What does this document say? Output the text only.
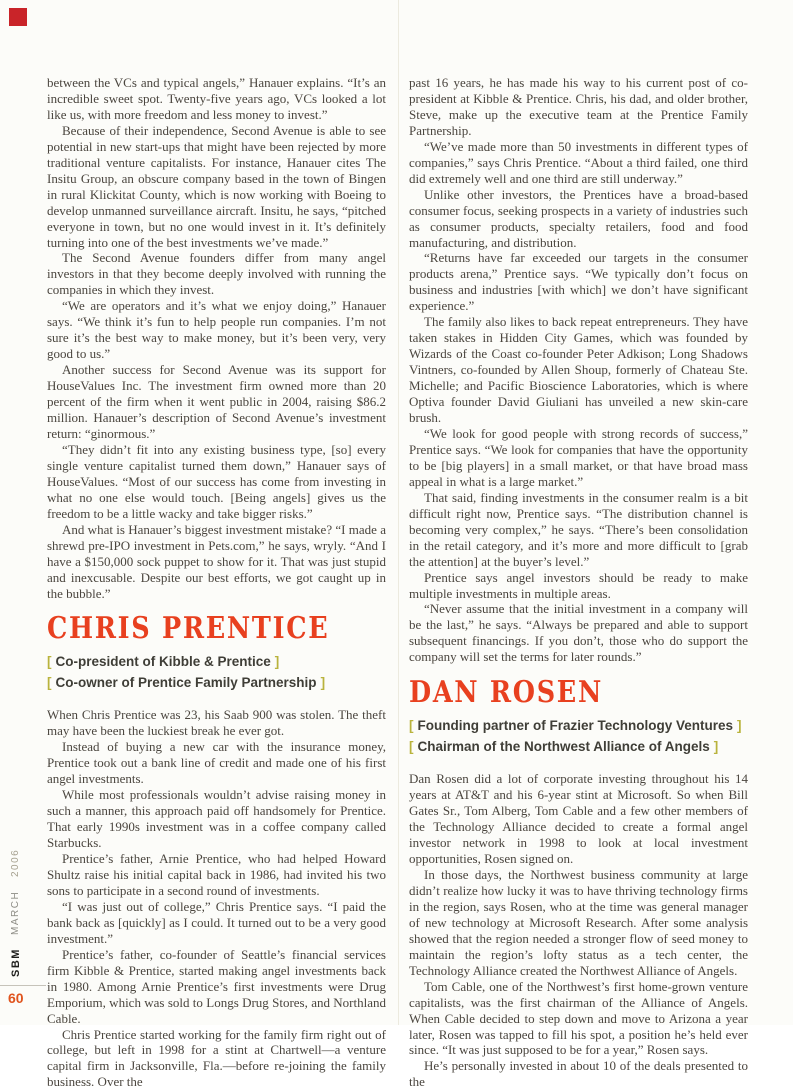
between the VCs and typical angels,” Hanauer explains. “It’s an incredible sweet spot. Twenty-five years ago, VCs looked a lot like us, with more freedom and less money to invest.”

Because of their independence, Second Avenue is able to see potential in new start-ups that might have been rejected by more traditional venture capitalists. For instance, Hanauer cites The Insitu Group, an obscure company based in the town of Bingen in rural Klickitat County, which is now working with Boeing to develop unmanned surveillance aircraft. Insitu, he says, “pitched everyone in town, but no one would invest in it. It’s definitely turning into one of the best investments we’ve made.”

The Second Avenue founders differ from many angel investors in that they become deeply involved with running the companies in which they invest.

“We are operators and it’s what we enjoy doing,” Hanauer says. “We think it’s fun to help people run companies. I’m not sure it’s the best way to make money, but it’s been very, very good to us.”

Another success for Second Avenue was its support for HouseValues Inc. The investment firm owned more than 20 percent of the firm when it went public in 2004, raising $86.2 million. Hanauer’s description of Second Avenue’s investment return: “ginormous.”

“They didn’t fit into any existing business type, [so] every single venture capitalist turned them down,” Hanauer says of HouseValues. “Most of our success has come from investing in what no one else would touch. [Being angels] gives us the freedom to be a little wacky and take bigger risks.”

And what is Hanauer’s biggest investment mistake? “I made a shrewd pre-IPO investment in Pets.com,” he says, wryly. “And I have a $150,000 sock puppet to show for it. That was just stupid and inexcusable. Despite our best efforts, we got caught up in the bubble.”

CHRIS PRENTICE
[ Co-president of Kibble & Prentice ]
[ Co-owner of Prentice Family Partnership ]

When Chris Prentice was 23, his Saab 900 was stolen. The theft may have been the luckiest break he ever got.

Instead of buying a new car with the insurance money, Prentice took out a bank line of credit and made one of his first angel investments.

While most professionals wouldn’t advise raising money in such a manner, this approach paid off handsomely for Prentice. That early 1990s investment was in a coffee company called Starbucks.

Prentice’s father, Arnie Prentice, who had helped Howard Shultz raise his initial capital back in 1986, had invited his two sons to participate in a second round of investments.

“I was just out of college,” Chris Prentice says. “I paid the bank back as [quickly] as I could. It turned out to be a very good investment.”

Prentice’s father, co-founder of Seattle’s financial services firm Kibble & Prentice, started making angel investments back in 1980. Among Arnie Prentice’s first investments were Drug Emporium, which was sold to Longs Drug Stores, and Northland Cable.

Chris Prentice started working for the family firm right out of college, but left in 1998 for a stint at Chartwell—a venture capital firm in Jacksonville, Fla.—before re-joining the family business. Over the

past 16 years, he has made his way to his current post of co-president at Kibble & Prentice. Chris, his dad, and older brother, Steve, make up the executive team at the Prentice Family Partnership.

“We’ve made more than 50 investments in different types of companies,” says Chris Prentice. “About a third failed, one third did extremely well and one third are still underway.”

Unlike other investors, the Prentices have a broad-based consumer focus, seeking prospects in a variety of industries such as consumer products, specialty retailers, food and food manufacturing, and distribution.

“Returns have far exceeded our targets in the consumer products arena,” Prentice says. “We typically don’t focus on business and industries [with which] we don’t have significant experience.”

The family also likes to back repeat entrepreneurs. They have taken stakes in Hidden City Games, which was founded by Wizards of the Coast co-founder Peter Adkison; Long Shadows Vintners, co-founded by Allen Shoup, formerly of Chateau Ste. Michelle; and Pacific Bioscience Laboratories, which is where Optiva founder David Giuliani has unveiled a new skin-care brush.

“We look for good people with strong records of success,” Prentice says. “We look for companies that have the opportunity to be [big players] in a small market, or that have broad mass appeal in what is a large market.”

That said, finding investments in the consumer realm is a bit difficult right now, Prentice says. “The distribution channel is becoming very complex,” he says. “There’s been consolidation in the retail category, and it’s more and more difficult to [grab the attention] at the buyer’s level.”

Prentice says angel investors should be ready to make multiple investments in multiple areas.

“Never assume that the initial investment in a company will be the last,” he says. “Always be prepared and able to support subsequent financings. If you don’t, those who do support the company will set the terms for later rounds.”

DAN ROSEN
[ Founding partner of Frazier Technology Ventures ]
[ Chairman of the Northwest Alliance of Angels ]

Dan Rosen did a lot of corporate investing throughout his 14 years at AT&T and his 6-year stint at Microsoft. So when Bill Gates Sr., Tom Alberg, Tom Cable and a few other members of the Technology Alliance decided to create a formal angel investor network in 1998 to look at local investment opportunities, Rosen signed on.

In those days, the Northwest business community at large didn’t realize how lucky it was to have thriving technology firms in the region, says Rosen, who at the time was general manager of new technology at Microsoft Research. After some analysis showed that the region needed a stronger flow of seed money to maintain the region’s lofty status as a tech center, the Technology Alliance created the Northwest Alliance of Angels.

Tom Cable, one of the Northwest’s first home-grown venture capitalists, was the first chairman of the Alliance of Angels. When Cable decided to step down and move to Arizona a year later, Rosen was tapped to fill his spot, a position he’s held ever since. “It was just supposed to be for a year,” Rosen says.

He’s personally invested in about 10 of the deals presented to the

SBM MARCH 2006
60
